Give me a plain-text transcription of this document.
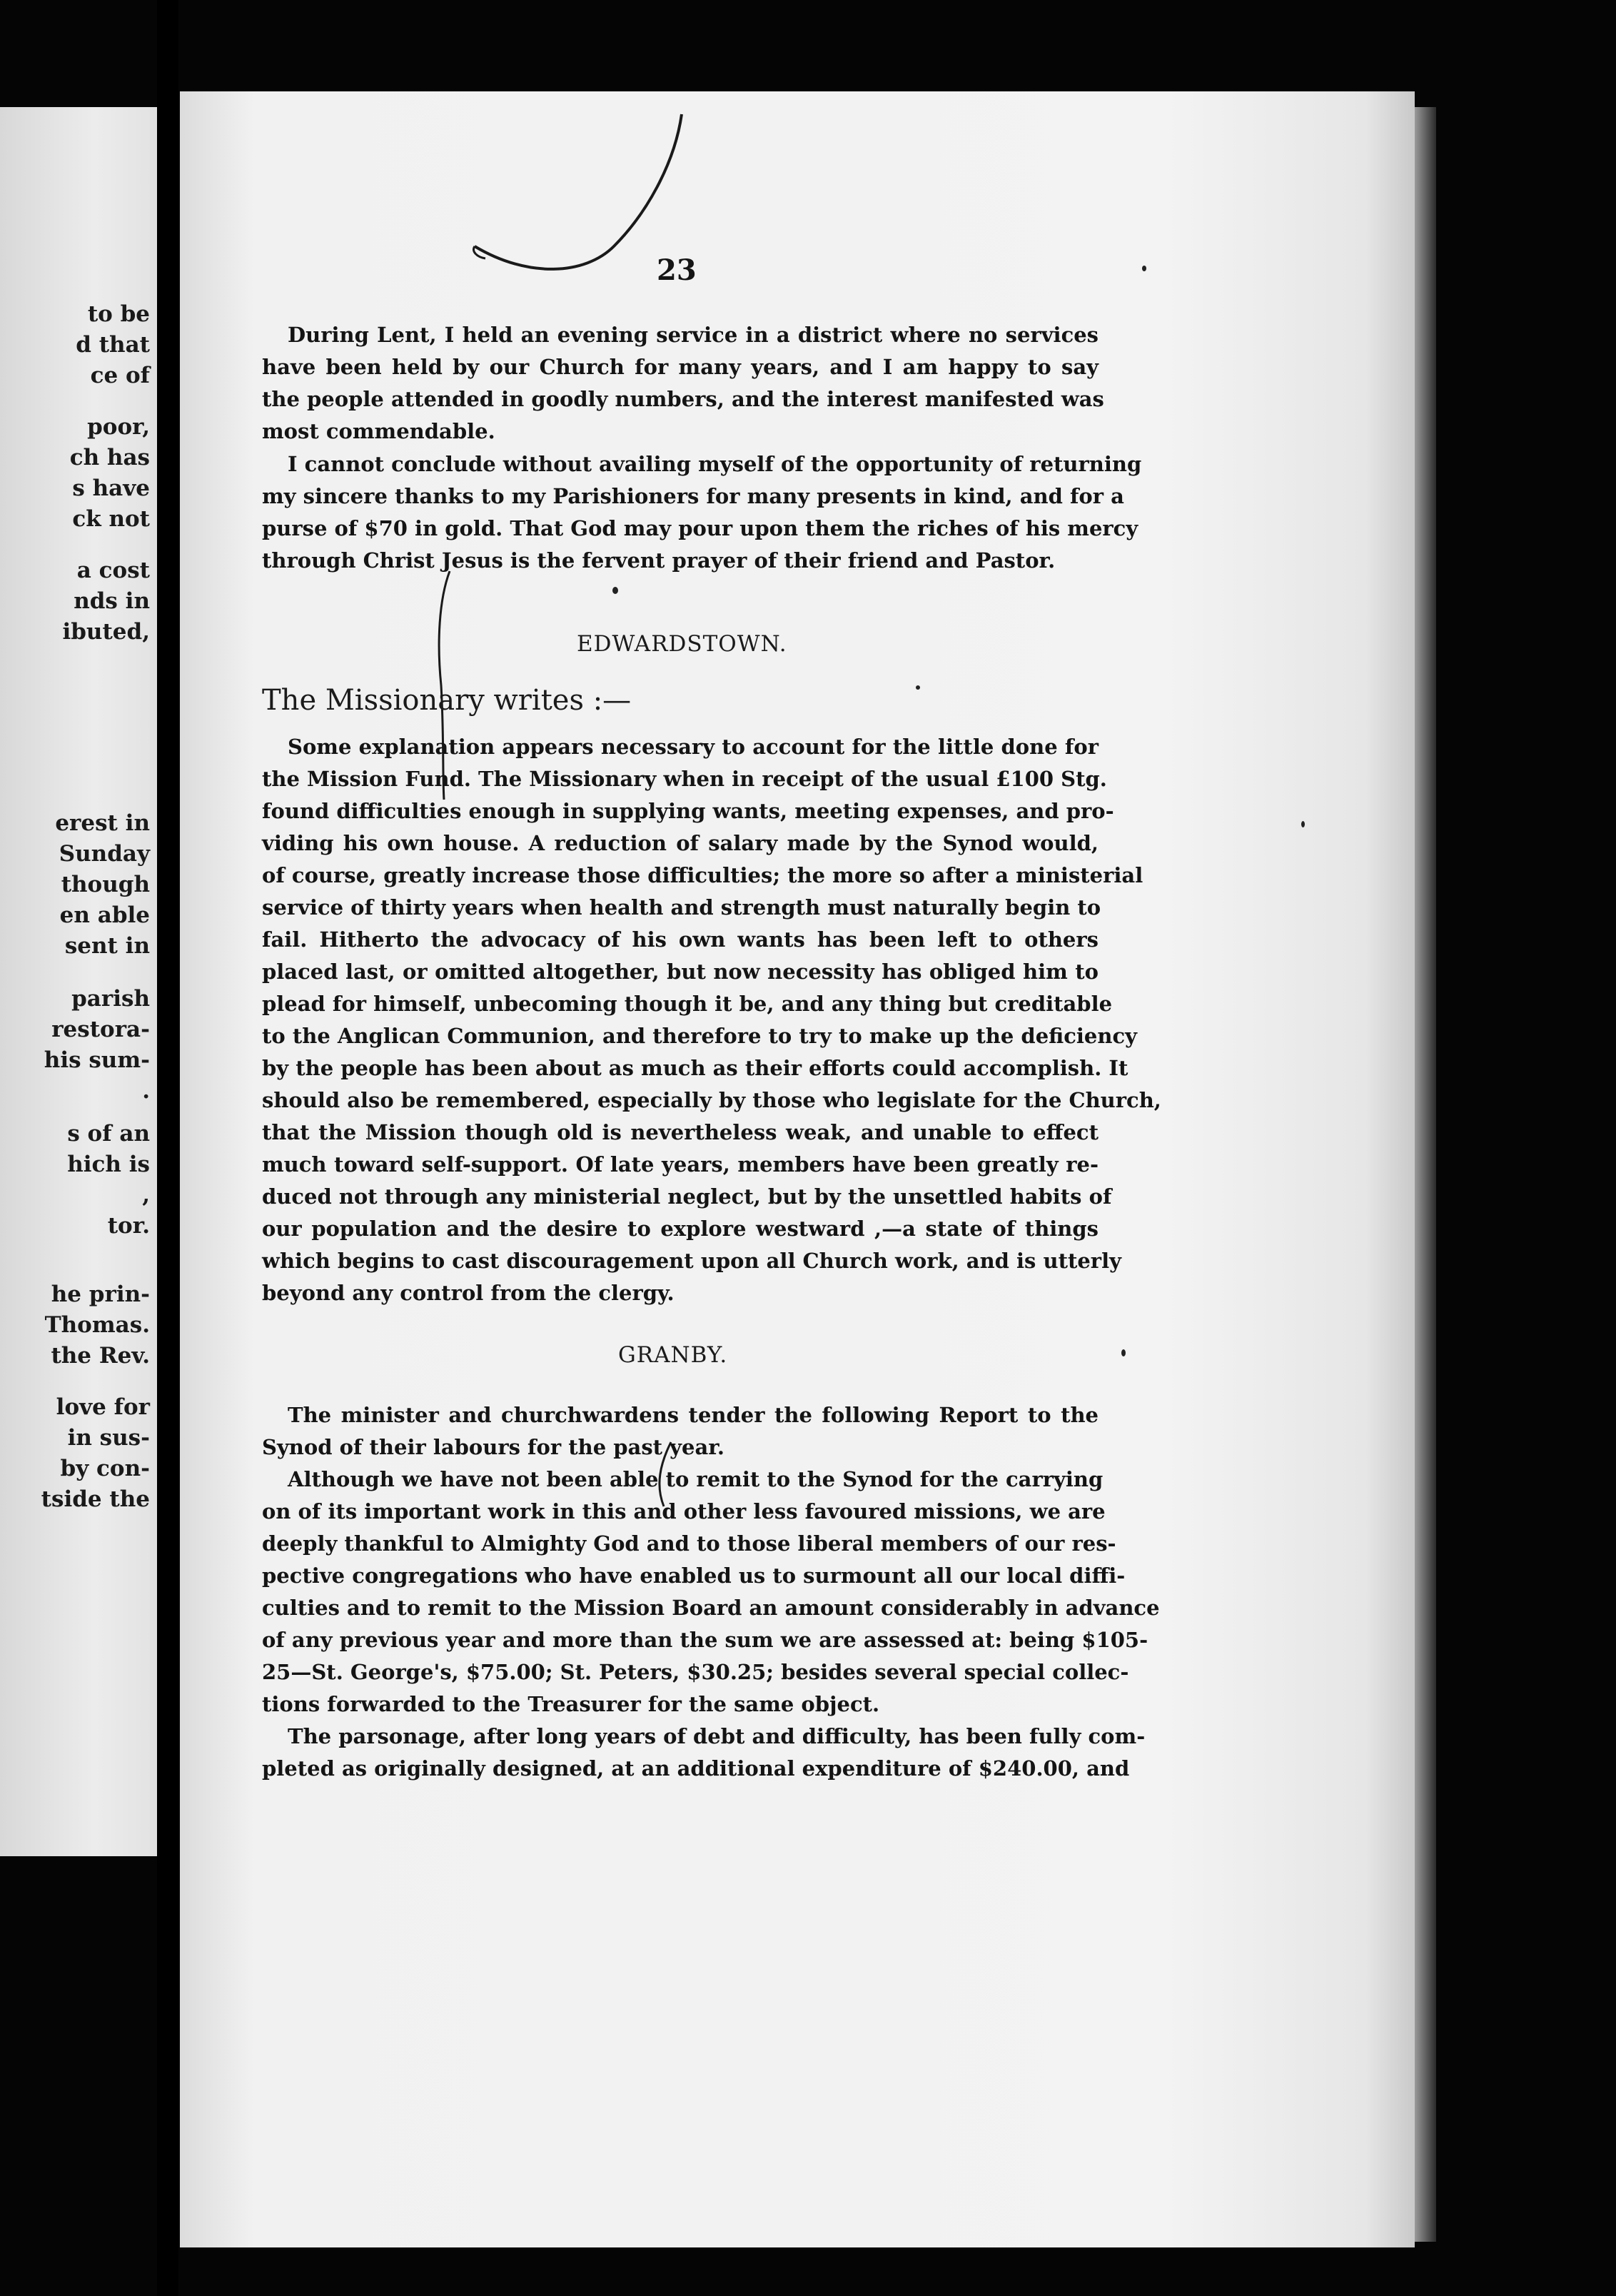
to be
d that
ce of
poor,
ch has
s have
ck not
a cost
nds in
ibuted,
erest in
Sunday
though
en able
sent in
parish
restora-
his sum-
.
s of an
hich is
,
tor.
he prin-
Thomas.
the Rev.
love for
in sus-
by con-
tside the
23
During Lent, I held an evening service in a district where no services
have been held by our Church for many years, and I am happy to say
the people attended in goodly numbers, and the interest manifested was
most commendable.
I cannot conclude without availing myself of the opportunity of returning
my sincere thanks to my Parishioners for many presents in kind, and for a
purse of $70 in gold. That God may pour upon them the riches of his mercy
through Christ Jesus is the fervent prayer of their friend and Pastor.
EDWARDSTOWN.
The Missionary writes :—
Some explanation appears necessary to account for the little done for
the Mission Fund. The Missionary when in receipt of the usual £100 Stg.
found difficulties enough in supplying wants, meeting expenses, and pro-
viding his own house. A reduction of salary made by the Synod would,
of course, greatly increase those difficulties; the more so after a ministerial
service of thirty years when health and strength must naturally begin to
fail. Hitherto the advocacy of his own wants has been left to others
placed last, or omitted altogether, but now necessity has obliged him to
plead for himself, unbecoming though it be, and any thing but creditable
to the Anglican Communion, and therefore to try to make up the deficiency
by the people has been about as much as their efforts could accomplish. It
should also be remembered, especially by those who legislate for the Church,
that the Mission though old is nevertheless weak, and unable to effect
much toward self-support. Of late years, members have been greatly re-
duced not through any ministerial neglect, but by the unsettled habits of
our population and the desire to explore westward ,—a state of things
which begins to cast discouragement upon all Church work, and is utterly
beyond any control from the clergy.
GRANBY.
The minister and churchwardens tender the following Report to the
Synod of their labours for the past year.
Although we have not been able to remit to the Synod for the carrying
on of its important work in this and other less favoured missions, we are
deeply thankful to Almighty God and to those liberal members of our res-
pective congregations who have enabled us to surmount all our local diffi-
culties and to remit to the Mission Board an amount considerably in advance
of any previous year and more than the sum we are assessed at: being $105-
25—St. George's, $75.00; St. Peters, $30.25; besides several special collec-
tions forwarded to the Treasurer for the same object.
The parsonage, after long years of debt and difficulty, has been fully com-
pleted as originally designed, at an additional expenditure of $240.00, and
